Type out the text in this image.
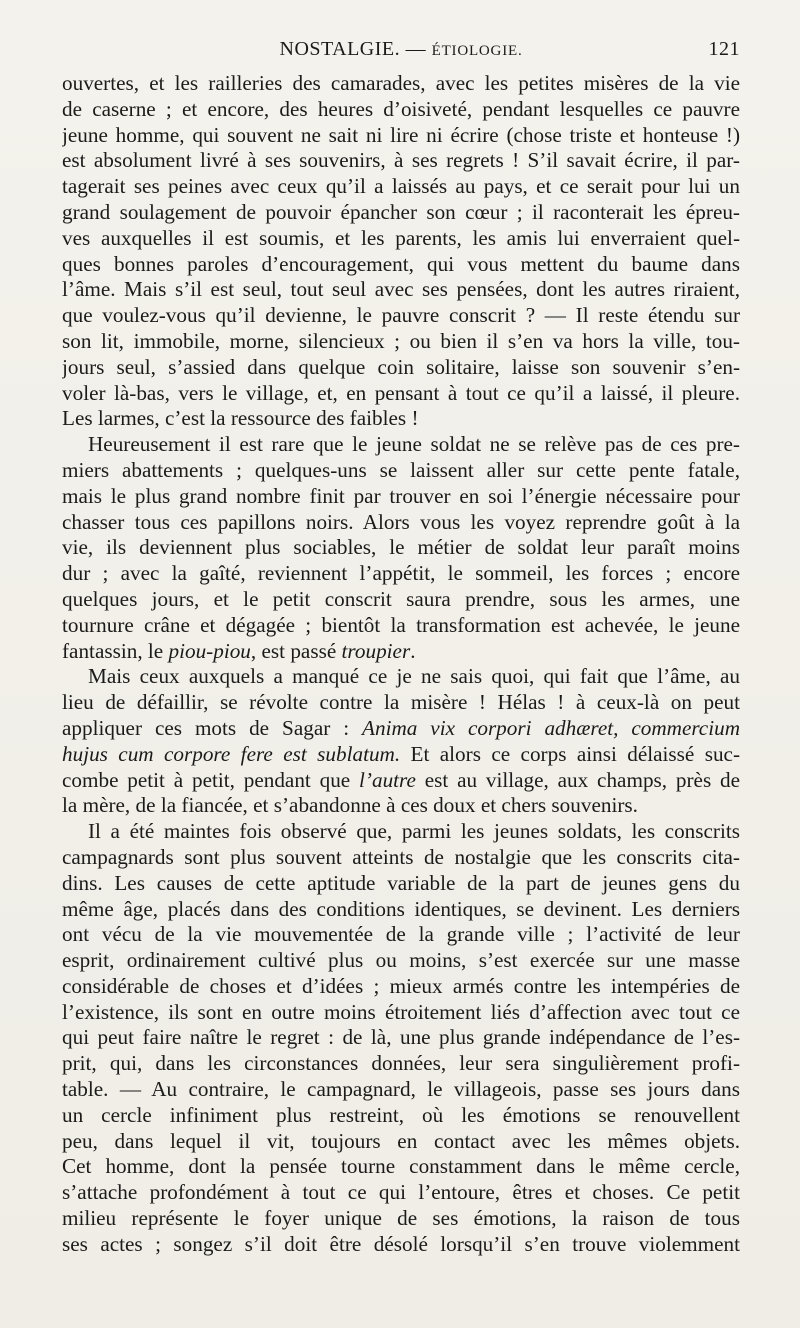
NOSTALGIE. — ÉTIOLOGIE.	121
ouvertes, et les railleries des camarades, avec les petites misères de la vie
de caserne ; et encore, des heures d’oisiveté, pendant lesquelles ce pauvre
jeune homme, qui souvent ne sait ni lire ni écrire (chose triste et honteuse !)
est absolument livré à ses souvenirs, à ses regrets ! S’il savait écrire, il par-
tagerait ses peines avec ceux qu’il a laissés au pays, et ce serait pour lui un
grand soulagement de pouvoir épancher son cœur ; il raconterait les épreu-
ves auxquelles il est soumis, et les parents, les amis lui enverraient quel-
ques bonnes paroles d’encouragement, qui vous mettent du baume dans
l’âme. Mais s’il est seul, tout seul avec ses pensées, dont les autres riraient,
que voulez-vous qu’il devienne, le pauvre conscrit ? — Il reste étendu sur
son lit, immobile, morne, silencieux ; ou bien il s’en va hors la ville, tou-
jours seul, s’assied dans quelque coin solitaire, laisse son souvenir s’en-
voler là-bas, vers le village, et, en pensant à tout ce qu’il a laissé, il pleure.
Les larmes, c’est la ressource des faibles !
Heureusement il est rare que le jeune soldat ne se relève pas de ces pre-
miers abattements ; quelques-uns se laissent aller sur cette pente fatale,
mais le plus grand nombre finit par trouver en soi l’énergie nécessaire pour
chasser tous ces papillons noirs. Alors vous les voyez reprendre goût à la
vie, ils deviennent plus sociables, le métier de soldat leur paraît moins
dur ; avec la gaîté, reviennent l’appétit, le sommeil, les forces ; encore
quelques jours, et le petit conscrit saura prendre, sous les armes, une
tournure crâne et dégagée ; bientôt la transformation est achevée, le jeune
fantassin, le piou-piou, est passé troupier.
Mais ceux auxquels a manqué ce je ne sais quoi, qui fait que l’âme, au
lieu de défaillir, se révolte contre la misère ! Hélas ! à ceux-là on peut
appliquer ces mots de Sagar : Anima vix corpori adhæret, commercium
hujus cum corpore fere est sublatum. Et alors ce corps ainsi délaissé suc-
combe petit à petit, pendant que l’autre est au village, aux champs, près de
la mère, de la fiancée, et s’abandonne à ces doux et chers souvenirs.
Il a été maintes fois observé que, parmi les jeunes soldats, les conscrits
campagnards sont plus souvent atteints de nostalgie que les conscrits cita-
dins. Les causes de cette aptitude variable de la part de jeunes gens du
même âge, placés dans des conditions identiques, se devinent. Les derniers
ont vécu de la vie mouvementée de la grande ville ; l’activité de leur
esprit, ordinairement cultivé plus ou moins, s’est exercée sur une masse
considérable de choses et d’idées ; mieux armés contre les intempéries de
l’existence, ils sont en outre moins étroitement liés d’affection avec tout ce
qui peut faire naître le regret : de là, une plus grande indépendance de l’es-
prit, qui, dans les circonstances données, leur sera singulièrement profi-
table. — Au contraire, le campagnard, le villageois, passe ses jours dans
un cercle infiniment plus restreint, où les émotions se renouvellent
peu, dans lequel il vit, toujours en contact avec les mêmes objets.
Cet homme, dont la pensée tourne constamment dans le même cercle,
s’attache profondément à tout ce qui l’entoure, êtres et choses. Ce petit
milieu représente le foyer unique de ses émotions, la raison de tous
ses actes ; songez s’il doit être désolé lorsqu’il s’en trouve violemment
